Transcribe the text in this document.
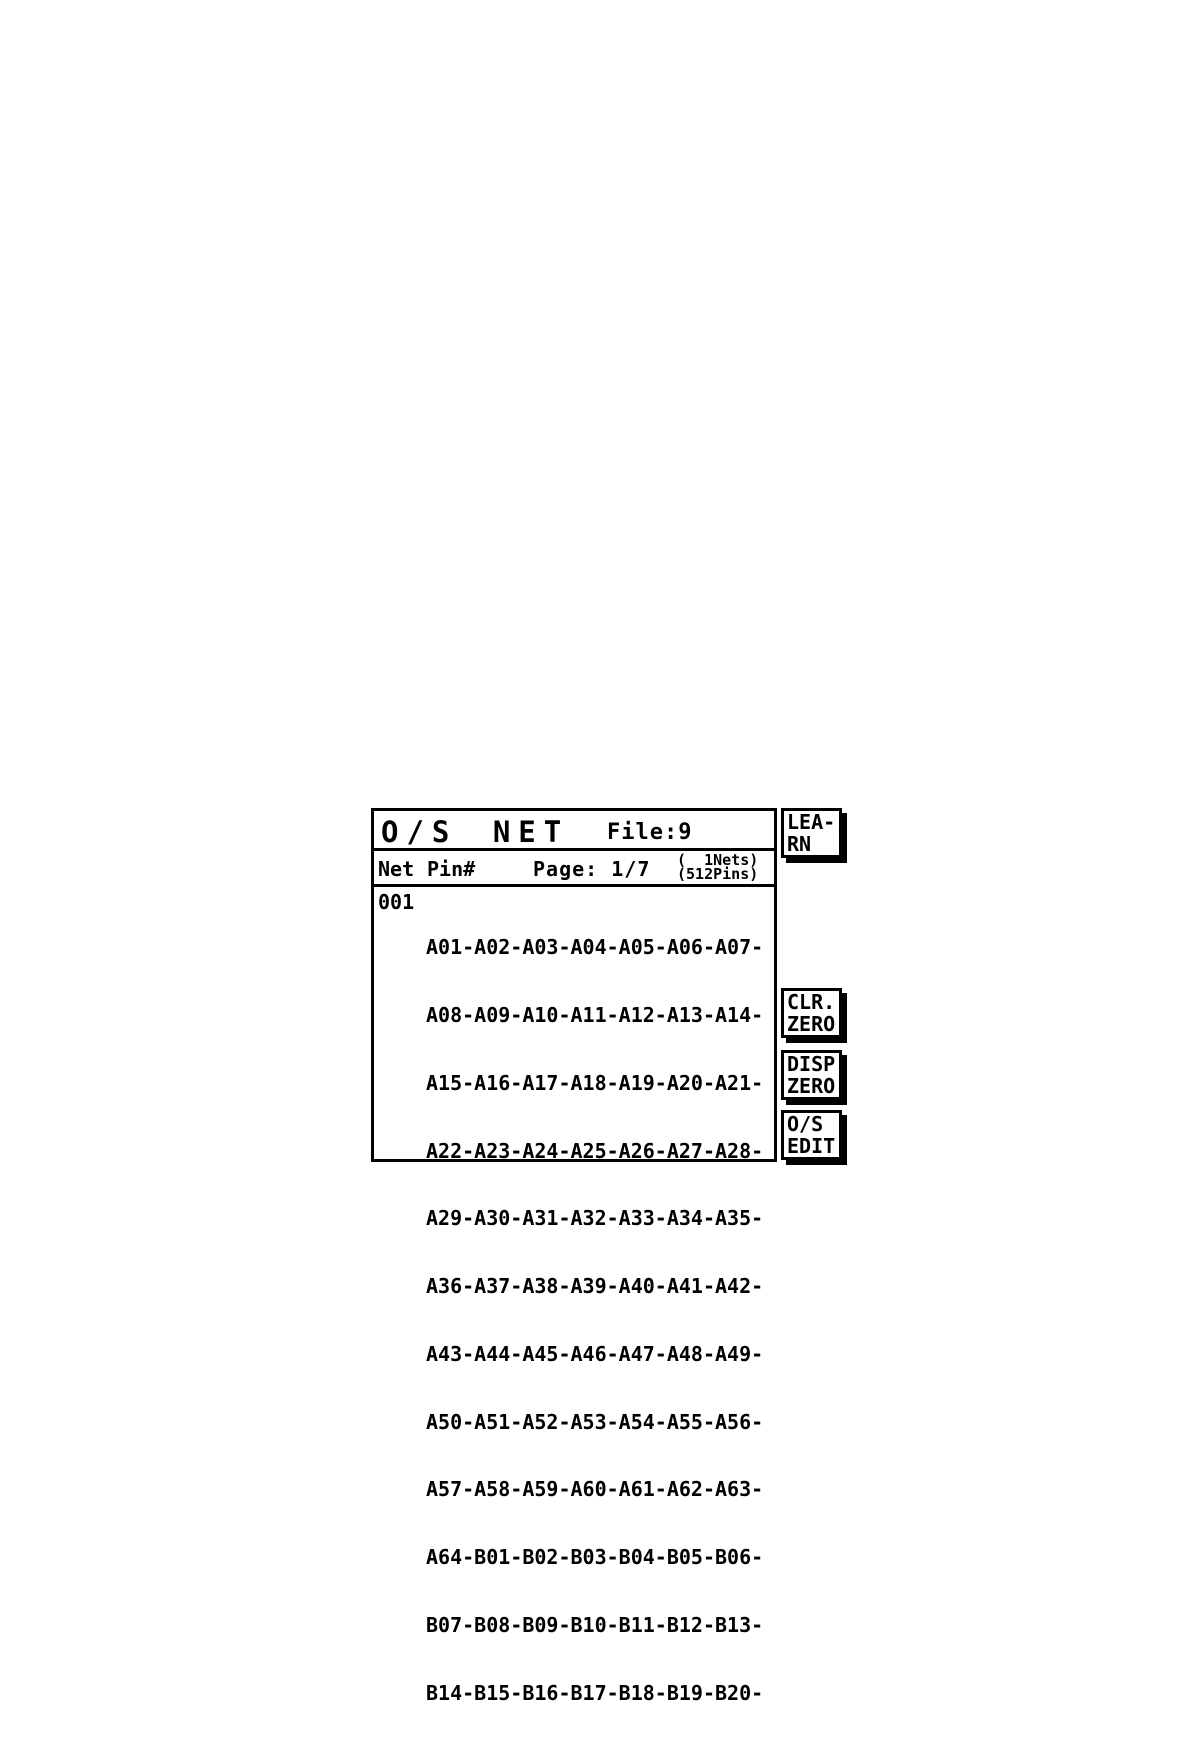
O/S NET File:9
Net Pin#	Page: 1/7 (  1Nets)
(512Pins)
001

A01-A02-A03-A04-A05-A06-A07-

A08-A09-A10-A11-A12-A13-A14-

A15-A16-A17-A18-A19-A20-A21-

A22-A23-A24-A25-A26-A27-A28-

A29-A30-A31-A32-A33-A34-A35-

A36-A37-A38-A39-A40-A41-A42-

A43-A44-A45-A46-A47-A48-A49-

A50-A51-A52-A53-A54-A55-A56-

A57-A58-A59-A60-A61-A62-A63-

A64-B01-B02-B03-B04-B05-B06-

B07-B08-B09-B10-B11-B12-B13-

B14-B15-B16-B17-B18-B19-B20-

LEA-
RN
CLR.
ZERO
DISP
ZERO
O/S
EDIT
